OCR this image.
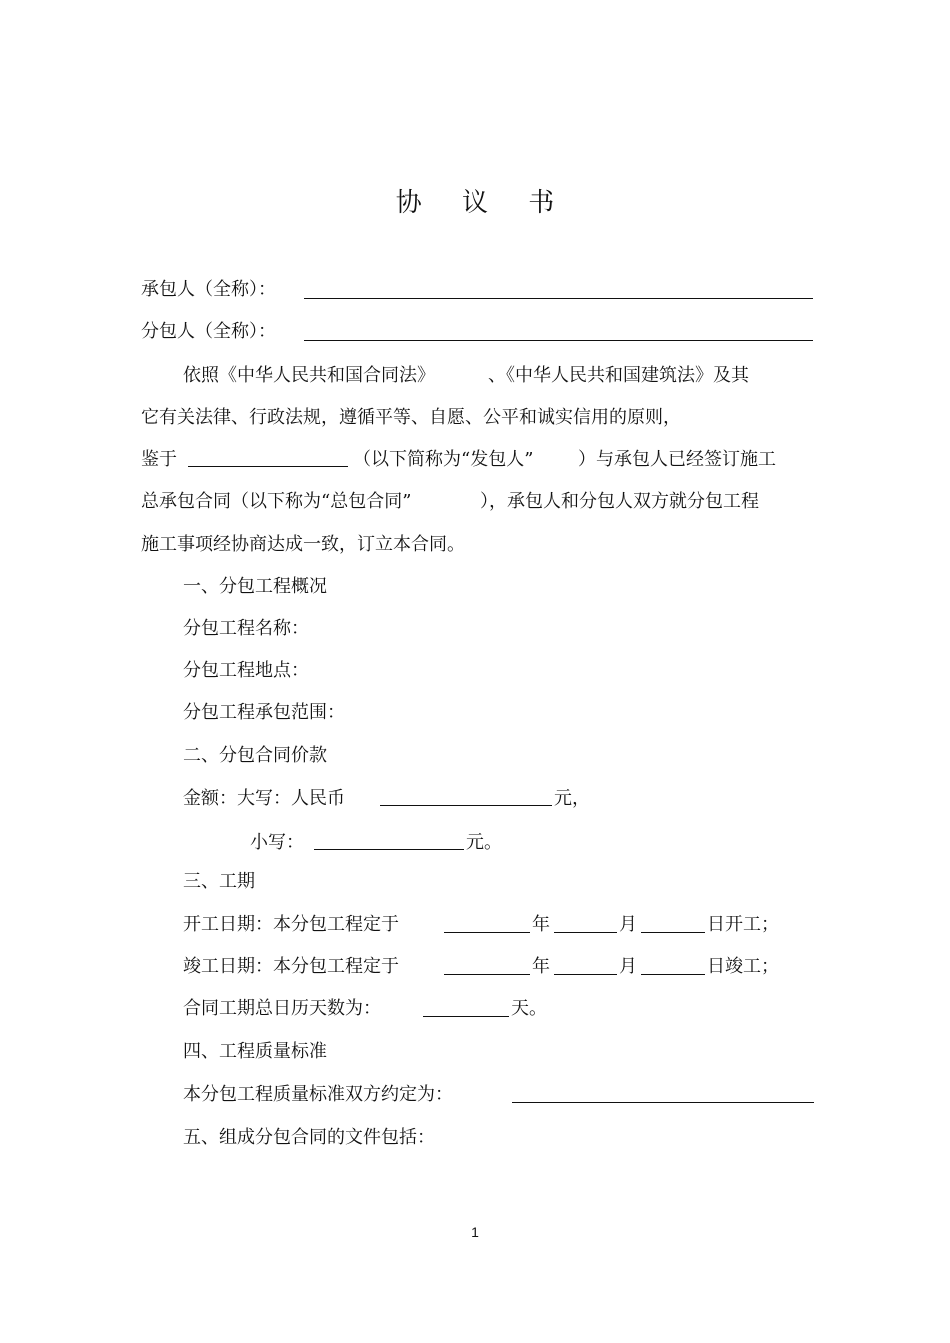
协 议 书
承包人（全称）：
分包人（全称）：
依照《中华人民共和国合同法》	、《中华人民共和国建筑法》及其
它有关法律、行政法规，遵循平等、自愿、公平和诚实信用的原则，
鉴于	（以下简称为“发包人” ）与承包人已经签订施工
总承包合同（以下称为“总包合同”	），承包人和分包人双方就分包工程
施工事项经协商达成一致，订立本合同。
一、分包工程概况
分包工程名称：
分包工程地点：
分包工程承包范围：
二、分包合同价款
金额：大写：人民币	元，
小写：	元。
三、工期
开工日期：本分包工程定于	年	月	日开工；
竣工日期：本分包工程定于	年	月	日竣工；
合同工期总日历天数为：	天。
四、工程质量标准
本分包工程质量标准双方约定为：
五、组成分包合同的文件包括：
1
